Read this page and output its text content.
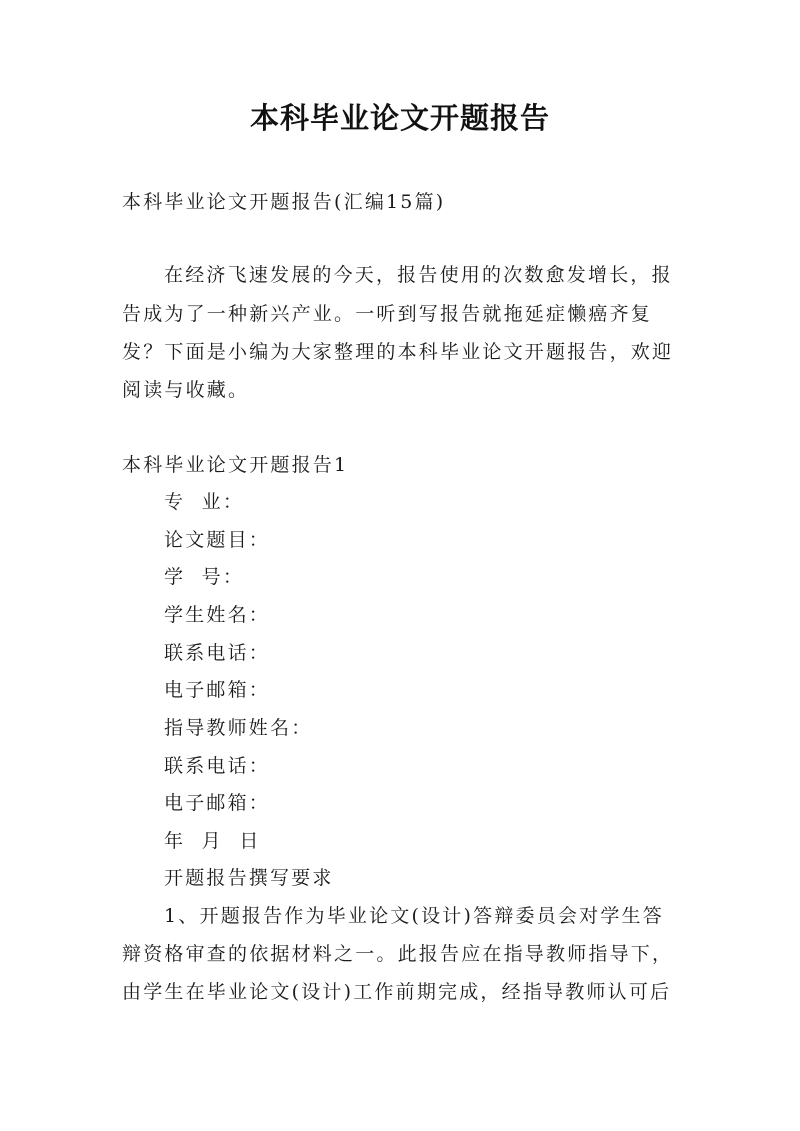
本科毕业论文开题报告
本科毕业论文开题报告(汇编15篇)
在经济飞速发展的今天，报告使用的次数愈发增长，报
告成为了一种新兴产业。一听到写报告就拖延症懒癌齐复
发？下面是小编为大家整理的本科毕业论文开题报告，欢迎
阅读与收藏。
本科毕业论文开题报告1
专  业：
论文题目：
学  号：
学生姓名：
联系电话：
电子邮箱：
指导教师姓名：
联系电话：
电子邮箱：
年  月  日
开题报告撰写要求
1、开题报告作为毕业论文(设计)答辩委员会对学生答
辩资格审查的依据材料之一。此报告应在指导教师指导下，
由学生在毕业论文(设计)工作前期完成，经指导教师认可后
